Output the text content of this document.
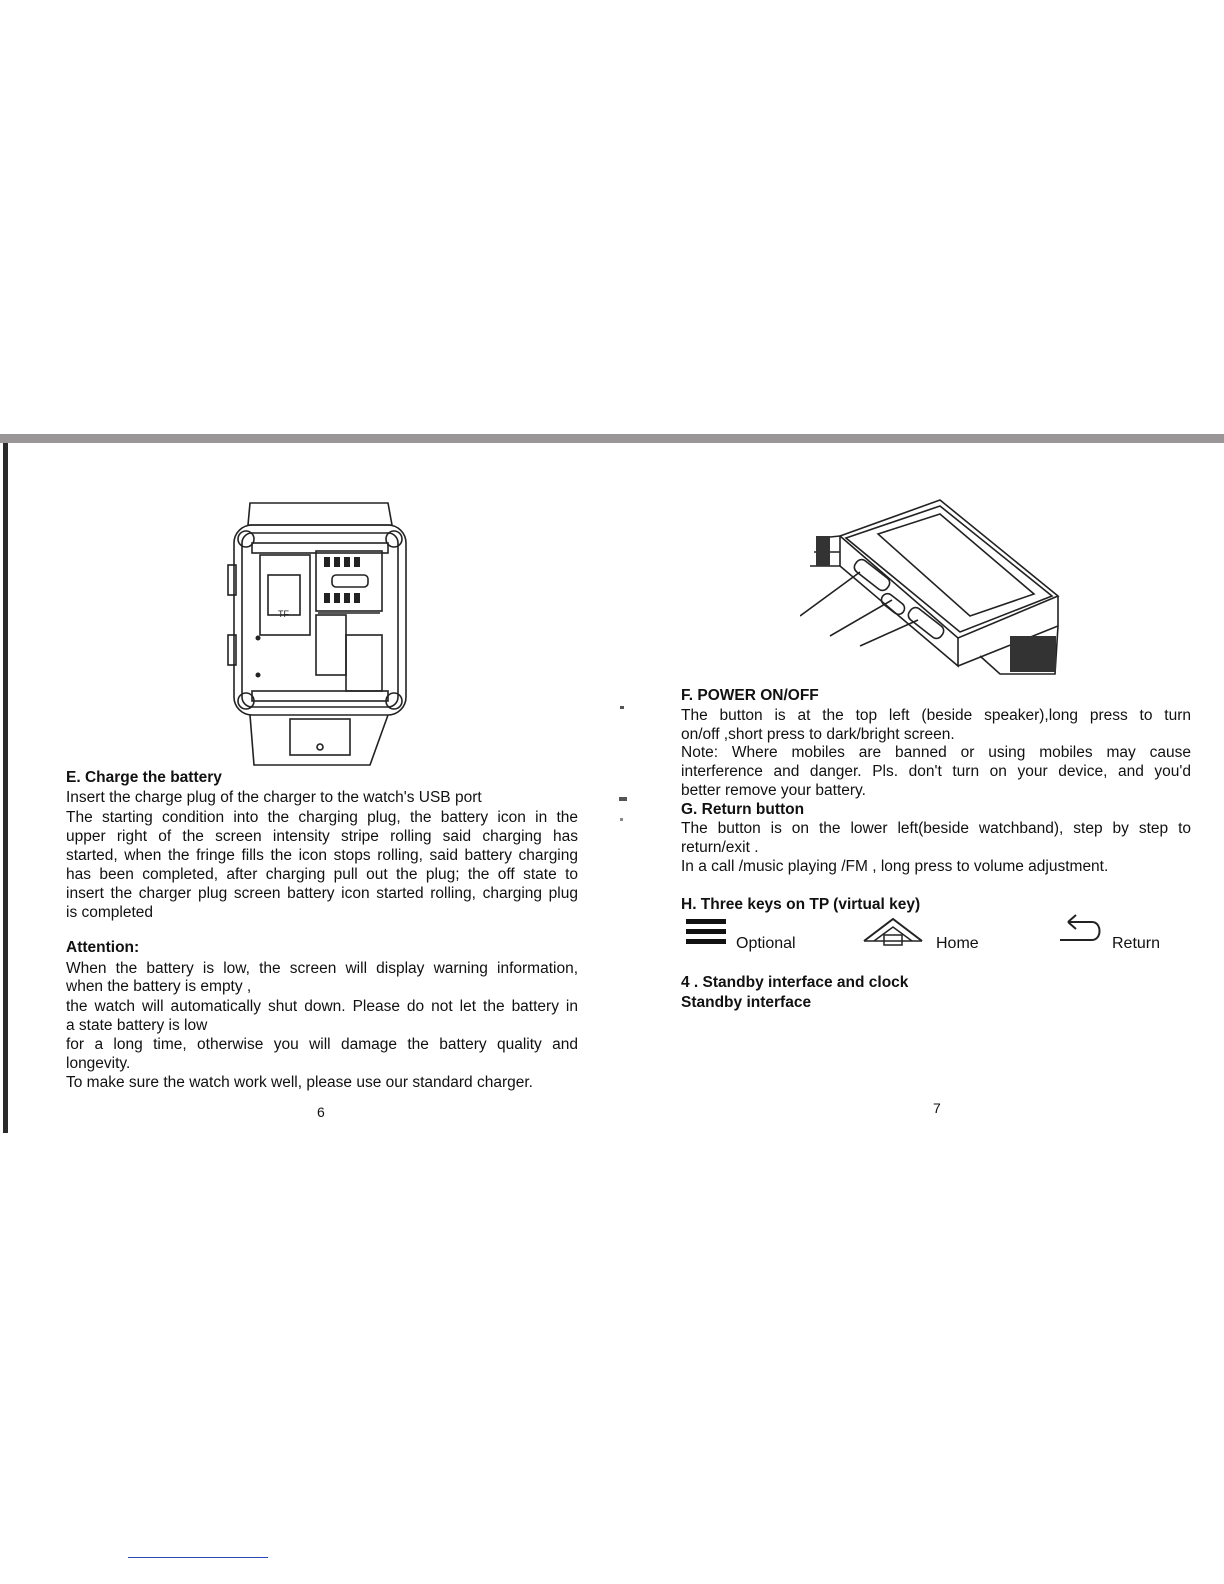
TF
E. Charge the battery
Insert the charge plug of the charger to the watch's USB port
The starting condition into the charging plug, the battery icon in the
upper right of the screen intensity stripe rolling said charging has
started, when the fringe fills the icon stops rolling, said battery charging
has been completed, after charging pull out the plug; the off state to
insert the charger plug screen battery icon started rolling, charging plug
is completed
Attention:
When the battery is low, the screen will display warning information,
when the battery is empty ,
the watch will automatically shut down. Please do not let the battery in
a state battery is low
for a long time, otherwise you will damage the battery quality and
longevity.
To make sure the watch work well, please use our standard charger.
6
F. POWER ON/OFF
The button is at the top left (beside speaker),long press to turn
on/off ,short press to dark/bright screen.
Note: Where mobiles are banned or using mobiles may cause
interference and danger. Pls. don't turn on your device, and you'd
better remove your battery.
G. Return button
The button is on the lower left(beside watchband), step by step to
return/exit .
In a call /music playing /FM , long press to volume adjustment.
H. Three keys on TP (virtual key)
Optional	Home	Return
4 . Standby interface and clock
Standby interface
7
